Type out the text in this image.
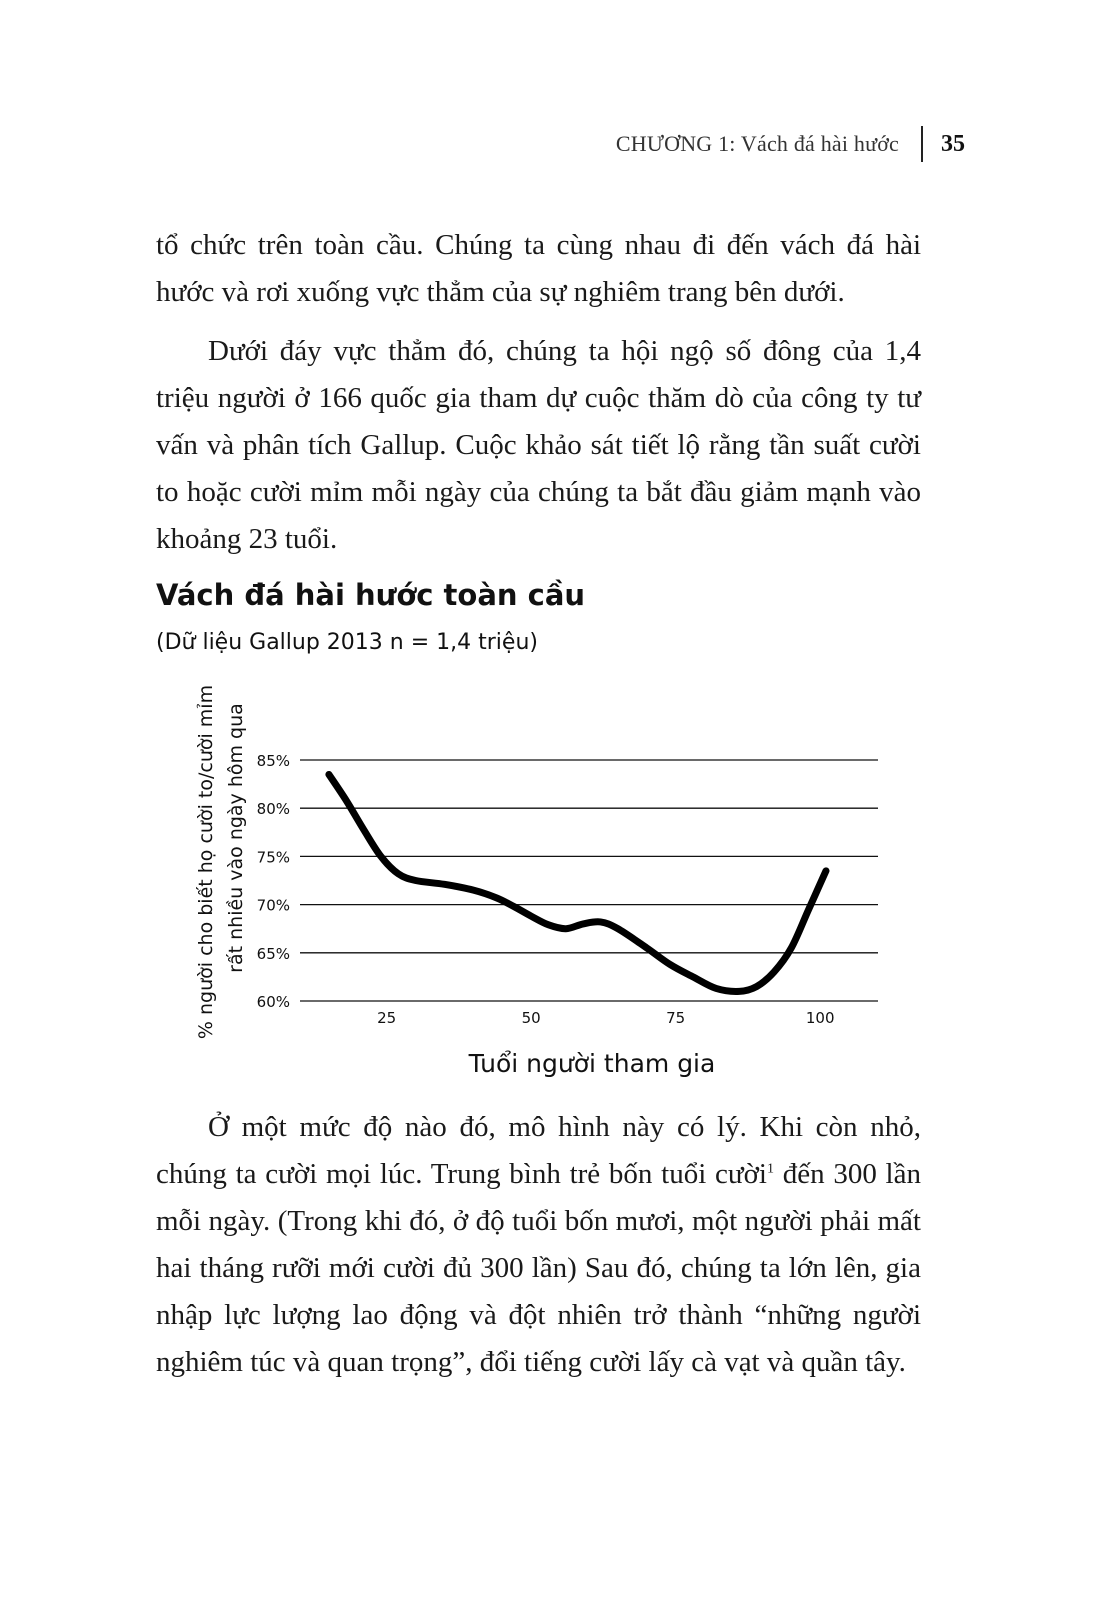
CHƯƠNG 1: Vách đá hài hước 35

tổ chức trên toàn cầu. Chúng ta cùng nhau đi đến vách đá hài hước và rơi xuống vực thẳm của sự nghiêm trang bên dưới.

Dưới đáy vực thẳm đó, chúng ta hội ngộ số đông của 1,4 triệu người ở 166 quốc gia tham dự cuộc thăm dò của công ty tư vấn và phân tích Gallup. Cuộc khảo sát tiết lộ rằng tần suất cười to hoặc cười mỉm mỗi ngày của chúng ta bắt đầu giảm mạnh vào khoảng 23 tuổi.

Vách đá hài hước toàn cầu
(Dữ liệu Gallup 2013 n = 1,4 triệu)
60%
65%
70%
75%
80%
85%
25	50	75	100
Tuổi người tham gia
% người cho biết họ cười to/cười mỉm rất nhiều vào ngày hôm qua

Ở một mức độ nào đó, mô hình này có lý. Khi còn nhỏ, chúng ta cười mọi lúc. Trung bình trẻ bốn tuổi cười$^1$ đến 300 lần mỗi ngày. (Trong khi đó, ở độ tuổi bốn mươi, một người phải mất hai tháng rưỡi mới cười đủ 300 lần) Sau đó, chúng ta lớn lên, gia nhập lực lượng lao động và đột nhiên trở thành “những người nghiêm túc và quan trọng”, đổi tiếng cười lấy cà vạt và quần tây.
